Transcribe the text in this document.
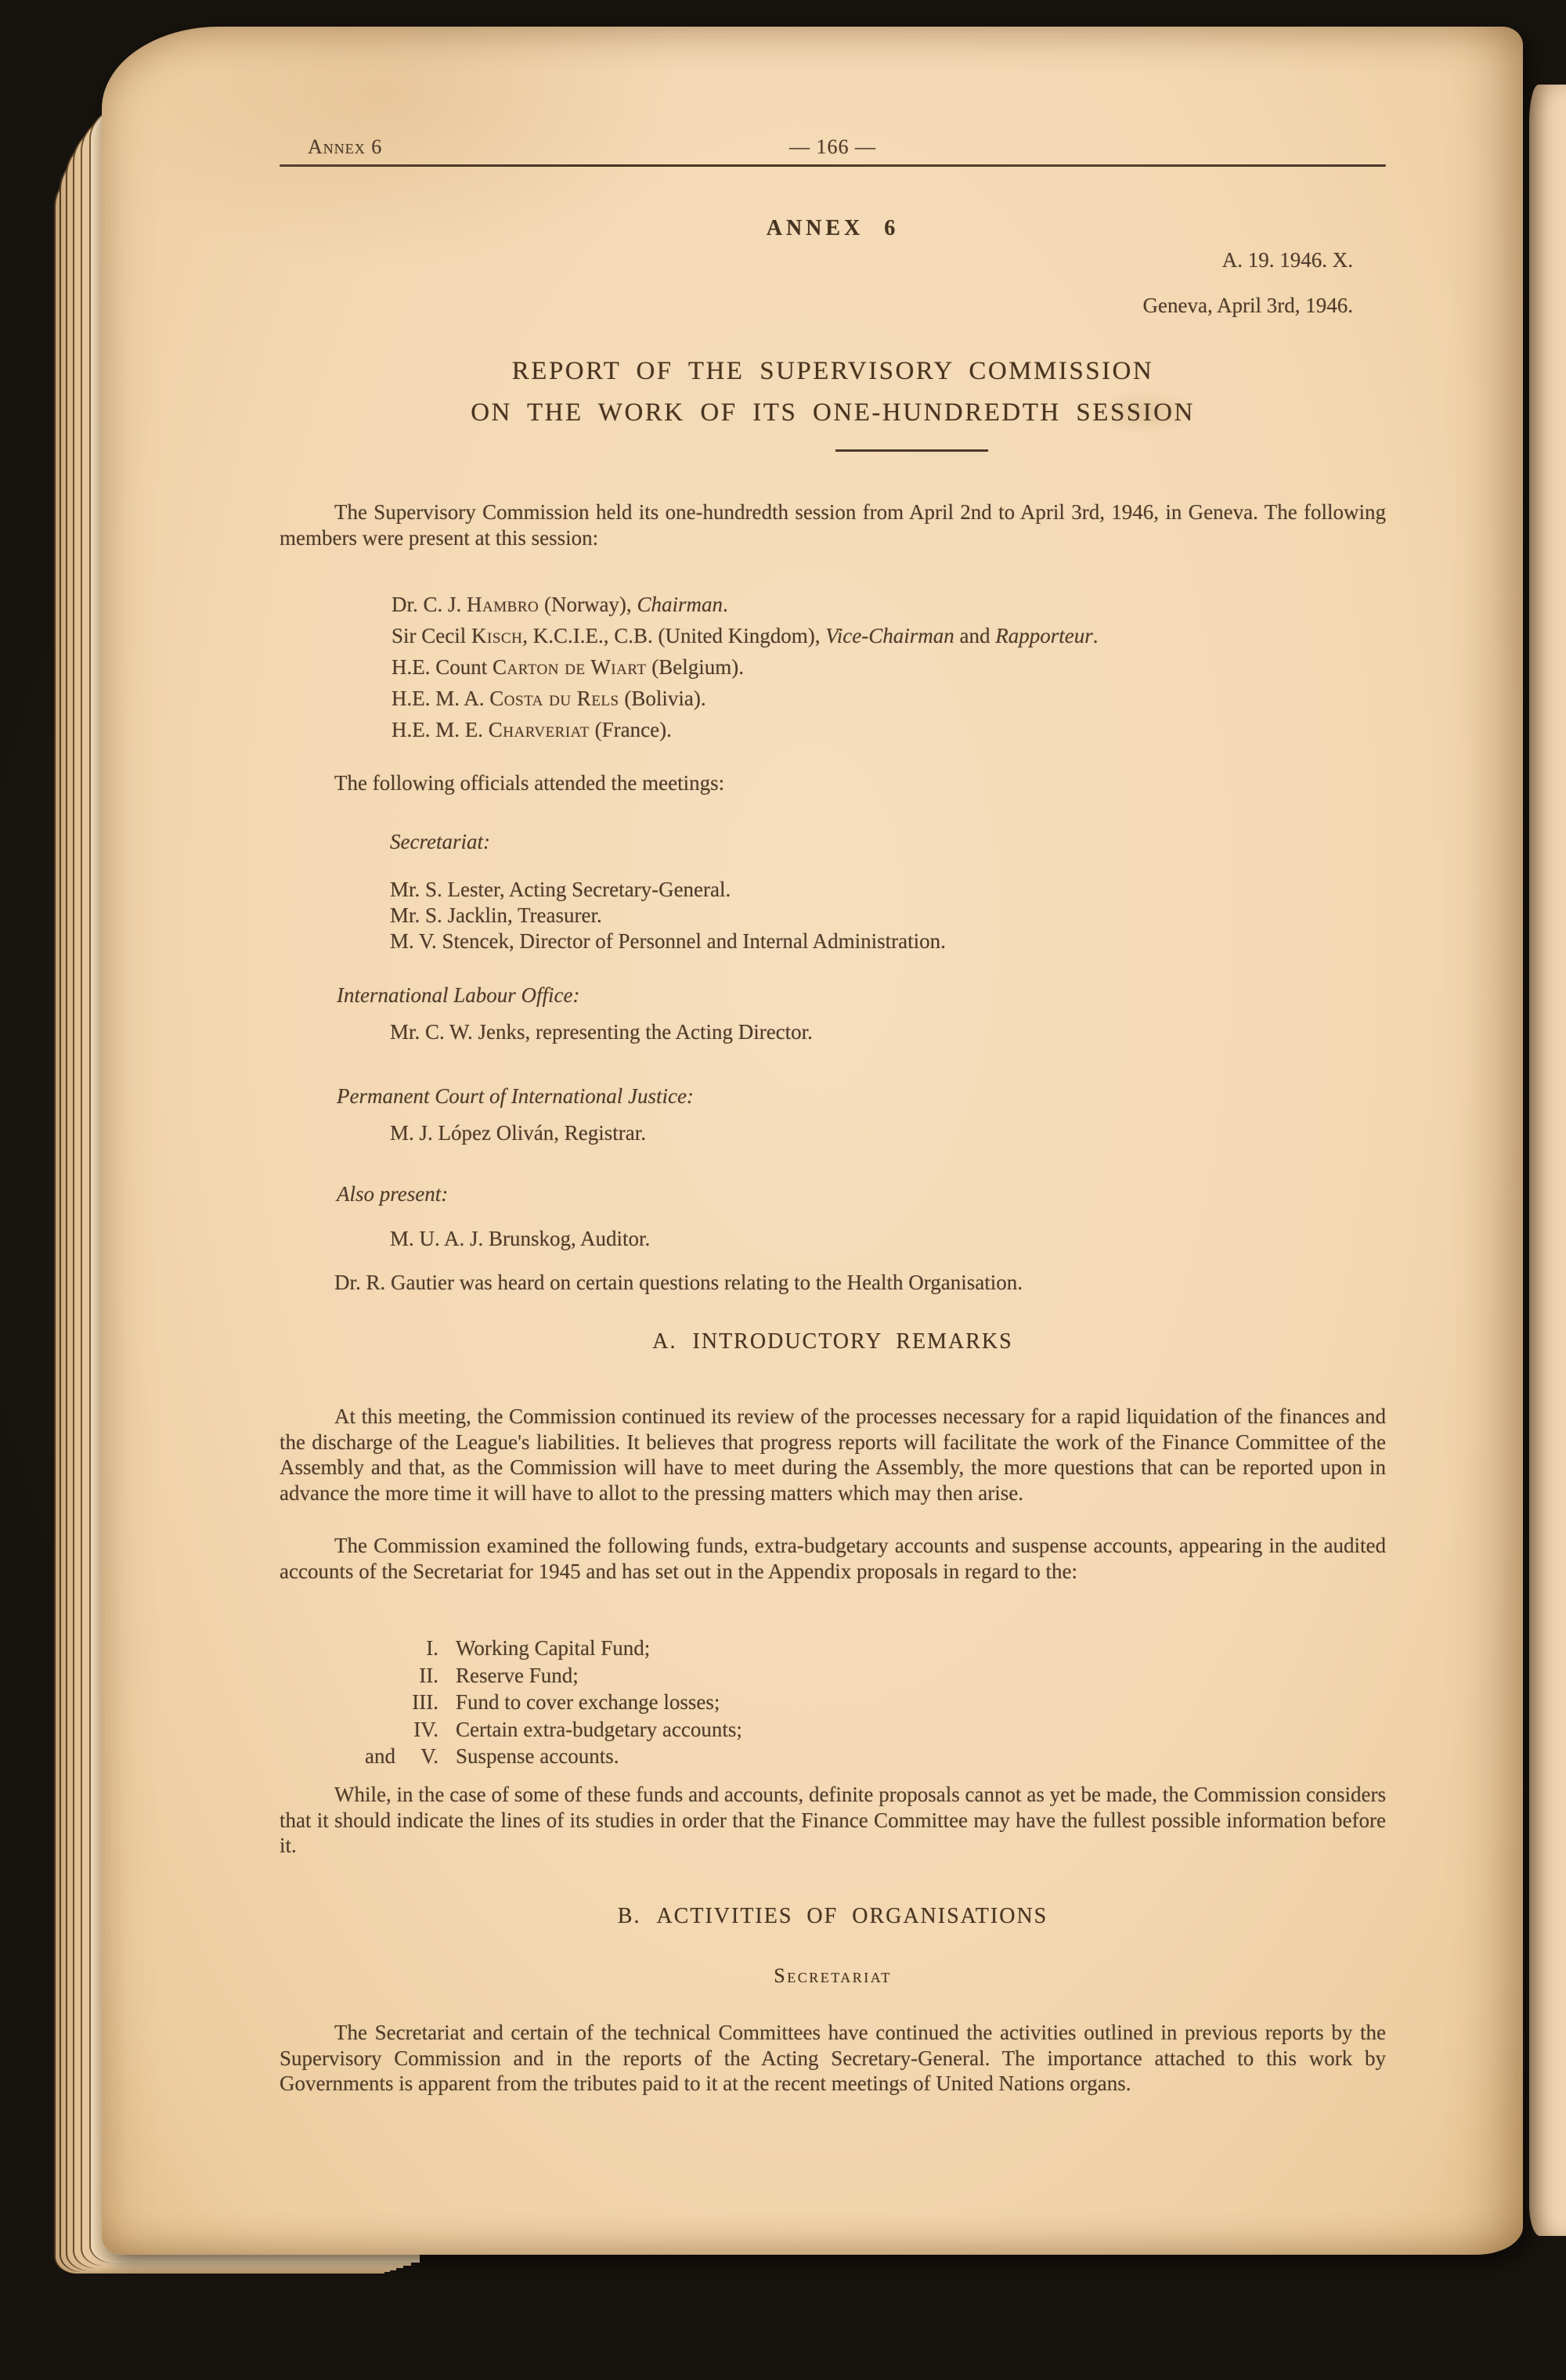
Annex 6	— 166 —
ANNEX 6
A. 19. 1946. X.
Geneva, April 3rd, 1946.
REPORT OF THE SUPERVISORY COMMISSION
ON THE WORK OF ITS ONE-HUNDREDTH SESSION
The Supervisory Commission held its one-hundredth session from April 2nd to April 3rd, 1946, in Geneva. The following members were present at this session:
Dr. C. J. Hambro (Norway), Chairman.
Sir Cecil Kisch, K.C.I.E., C.B. (United Kingdom), Vice-Chairman and Rapporteur.
H.E. Count Carton de Wiart (Belgium).
H.E. M. A. Costa du Rels (Bolivia).
H.E. M. E. Charveriat (France).
The following officials attended the meetings:
Secretariat:
Mr. S. Lester, Acting Secretary-General.
Mr. S. Jacklin, Treasurer.
M. V. Stencek, Director of Personnel and Internal Administration.
International Labour Office:
Mr. C. W. Jenks, representing the Acting Director.
Permanent Court of International Justice:
M. J. López Oliván, Registrar.
Also present:
M. U. A. J. Brunskog, Auditor.
Dr. R. Gautier was heard on certain questions relating to the Health Organisation.
A. INTRODUCTORY REMARKS
At this meeting, the Commission continued its review of the processes necessary for a rapid liquidation of the finances and the discharge of the League's liabilities. It believes that progress reports will facilitate the work of the Finance Committee of the Assembly and that, as the Commission will have to meet during the Assembly, the more questions that can be reported upon in advance the more time it will have to allot to the pressing matters which may then arise.
The Commission examined the following funds, extra-budgetary accounts and suspense accounts, appearing in the audited accounts of the Secretariat for 1945 and has set out in the Appendix proposals in regard to the:
I. Working Capital Fund;
II. Reserve Fund;
III. Fund to cover exchange losses;
IV. Certain extra-budgetary accounts;
and	V. Suspense accounts.
While, in the case of some of these funds and accounts, definite proposals cannot as yet be made, the Commission considers that it should indicate the lines of its studies in order that the Finance Committee may have the fullest possible information before it.
B. ACTIVITIES OF ORGANISATIONS
Secretariat
The Secretariat and certain of the technical Committees have continued the activities outlined in previous reports by the Supervisory Commission and in the reports of the Acting Secretary-General. The importance attached to this work by Governments is apparent from the tributes paid to it at the recent meetings of United Nations organs.
